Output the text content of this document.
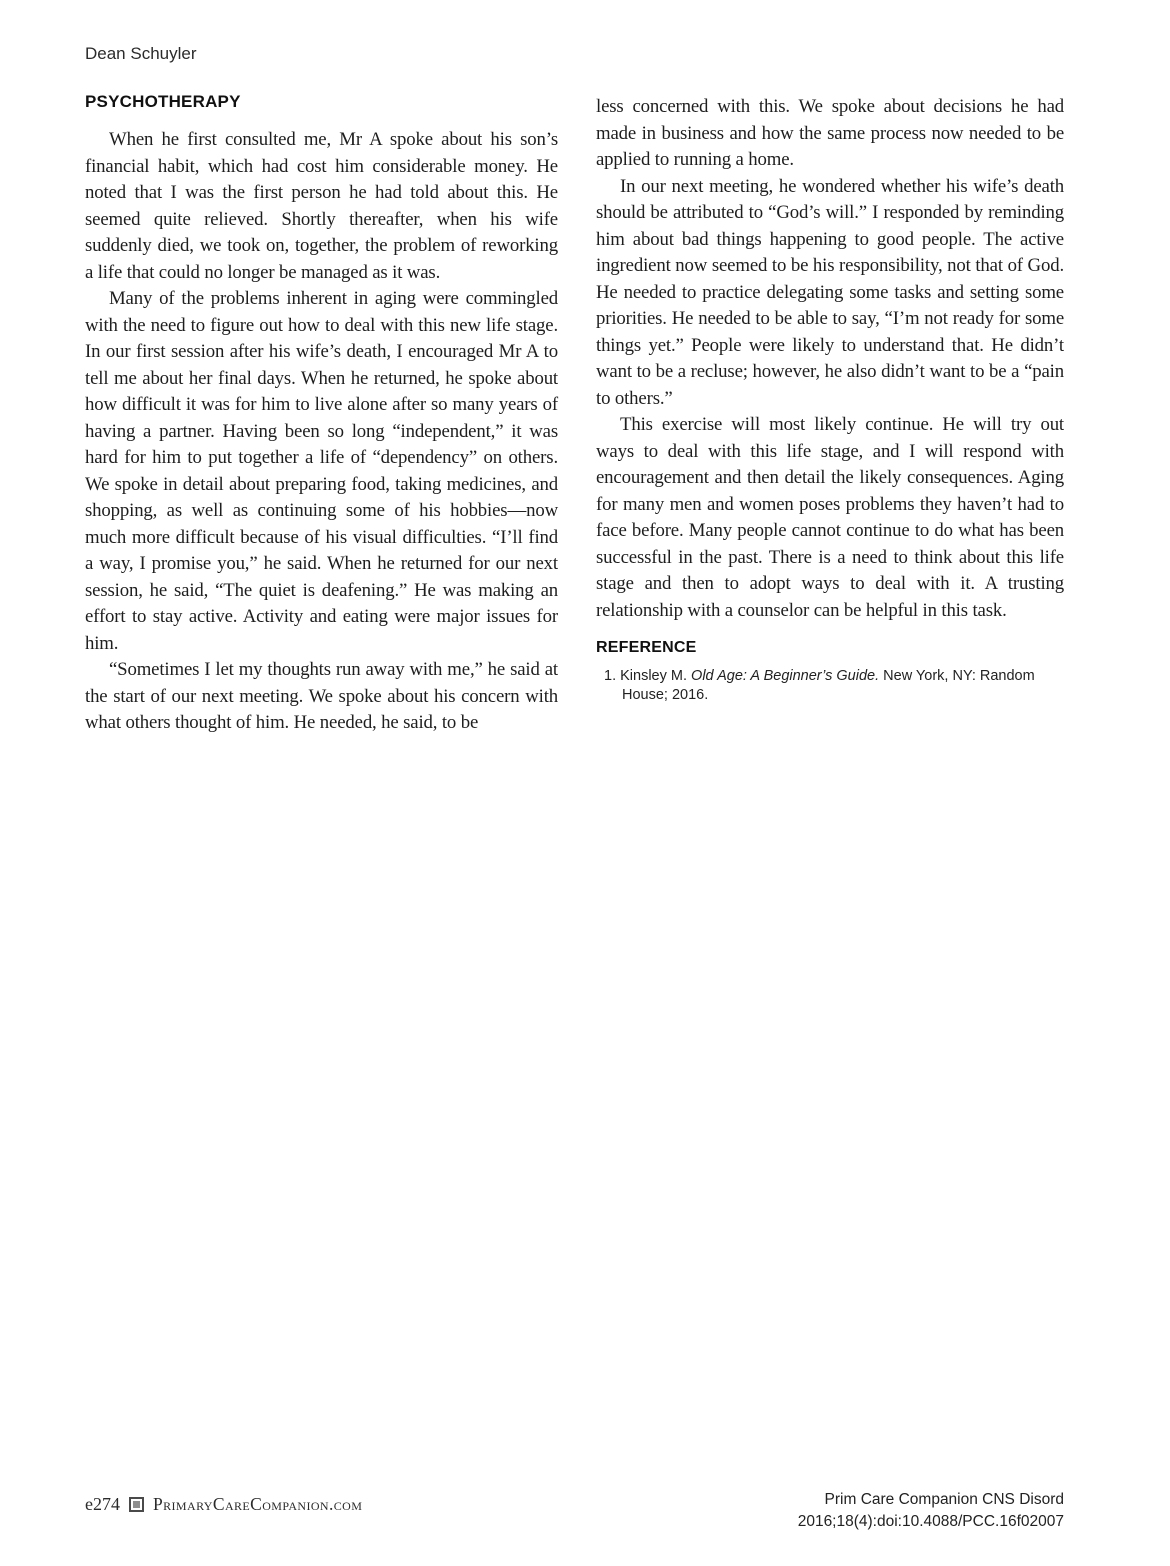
Dean Schuyler
PSYCHOTHERAPY

When he first consulted me, Mr A spoke about his son’s financial habit, which had cost him considerable money. He noted that I was the first person he had told about this. He seemed quite relieved. Shortly thereafter, when his wife suddenly died, we took on, together, the problem of reworking a life that could no longer be managed as it was.

Many of the problems inherent in aging were commingled with the need to figure out how to deal with this new life stage. In our first session after his wife’s death, I encouraged Mr A to tell me about her final days. When he returned, he spoke about how difficult it was for him to live alone after so many years of having a partner. Having been so long “independent,” it was hard for him to put together a life of “dependency” on others. We spoke in detail about preparing food, taking medicines, and shopping, as well as continuing some of his hobbies—now much more difficult because of his visual difficulties. “I’ll find a way, I promise you,” he said. When he returned for our next session, he said, “The quiet is deafening.” He was making an effort to stay active. Activity and eating were major issues for him.

“Sometimes I let my thoughts run away with me,” he said at the start of our next meeting. We spoke about his concern with what others thought of him. He needed, he said, to be

less concerned with this. We spoke about decisions he had made in business and how the same process now needed to be applied to running a home.

In our next meeting, he wondered whether his wife’s death should be attributed to “God’s will.” I responded by reminding him about bad things happening to good people. The active ingredient now seemed to be his responsibility, not that of God. He needed to practice delegating some tasks and setting some priorities. He needed to be able to say, “I’m not ready for some things yet.” People were likely to understand that. He didn’t want to be a recluse; however, he also didn’t want to be a “pain to others.”

This exercise will most likely continue. He will try out ways to deal with this life stage, and I will respond with encouragement and then detail the likely consequences. Aging for many men and women poses problems they haven’t had to face before. Many people cannot continue to do what has been successful in the past. There is a need to think about this life stage and then to adopt ways to deal with it. A trusting relationship with a counselor can be helpful in this task.

REFERENCE

1. Kinsley M. Old Age: A Beginner’s Guide. New York, NY: Random House; 2016.

e274 PrimaryCareCompanion.com	Prim Care Companion CNS Disord
2016;18(4):doi:10.4088/PCC.16f02007
